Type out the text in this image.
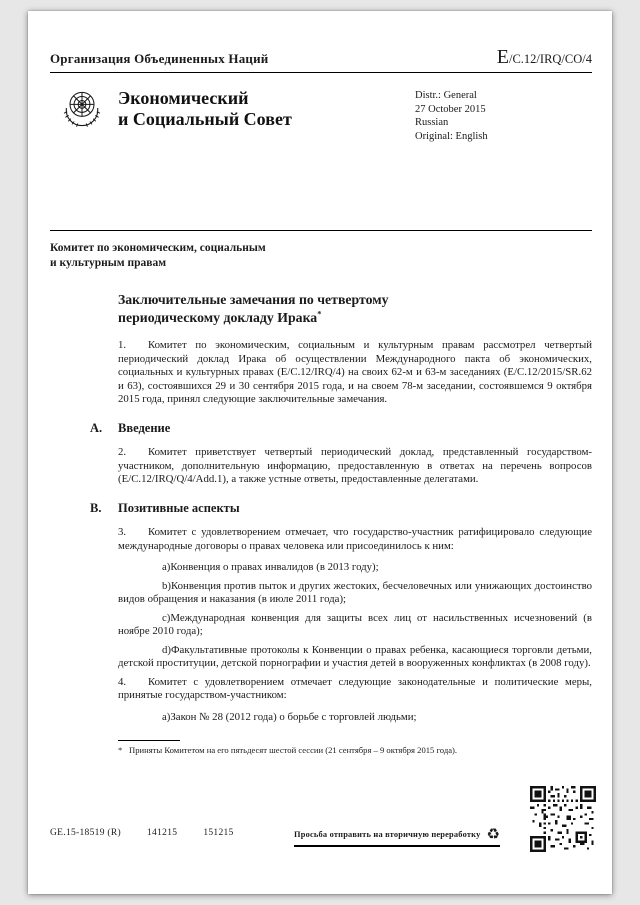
Организация Объединенных Наций	E/C.12/IRQ/CO/4
Экономический
и Социальный Совет
Distr.: General
27 October 2015
Russian
Original: English
Комитет по экономическим, социальным
и культурным правам
Заключительные замечания по четвертому периодическому докладу Ирака*

1. Комитет по экономическим, социальным и культурным правам рассмотрел четвертый периодический доклад Ирака об осуществлении Международного пакта об экономических, социальных и культурных правах (E/C.12/IRQ/4) на своих 62-м и 63-м заседаниях (E/C.12/2015/SR.62 и 63), состоявшихся 29 и 30 сентября 2015 года, и на своем 78-м заседании, состоявшемся 9 октября 2015 года, принял следующие заключительные замечания.

A. Введение

2. Комитет приветствует четвертый периодический доклад, представленный государством-участником, дополнительную информацию, предоставленную в ответах на перечень вопросов (E/C.12/IRQ/Q/4/Add.1), а также устные ответы, предоставленные делегатами.

B. Позитивные аспекты

3. Комитет с удовлетворением отмечает, что государство-участник ратифицировало следующие международные договоры о правах человека или присоединилось к ним:

a)Конвенция о правах инвалидов (в 2013 году);

b)Конвенция против пыток и других жестоких, бесчеловечных или унижающих достоинство видов обращения и наказания (в июле 2011 года);

c)Международная конвенция для защиты всех лиц от насильственных исчезновений (в ноябре 2010 года);

d)Факультативные протоколы к Конвенции о правах ребенка, касающиеся торговли детьми, детской проституции, детской порнографии и участия детей в вооруженных конфликтах (в 2008 году).

4. Комитет с удовлетворением отмечает следующие законодательные и политические меры, принятые государством-участником:

a)Закон № 28 (2012 года) о борьбе с торговлей людьми;

* Приняты Комитетом на его пятьдесят шестой сессии (21 сентября – 9 октября 2015 года).
GE.15-18519 (R)	141215	151215	Просьба отправить на вторичную переработку ♻
